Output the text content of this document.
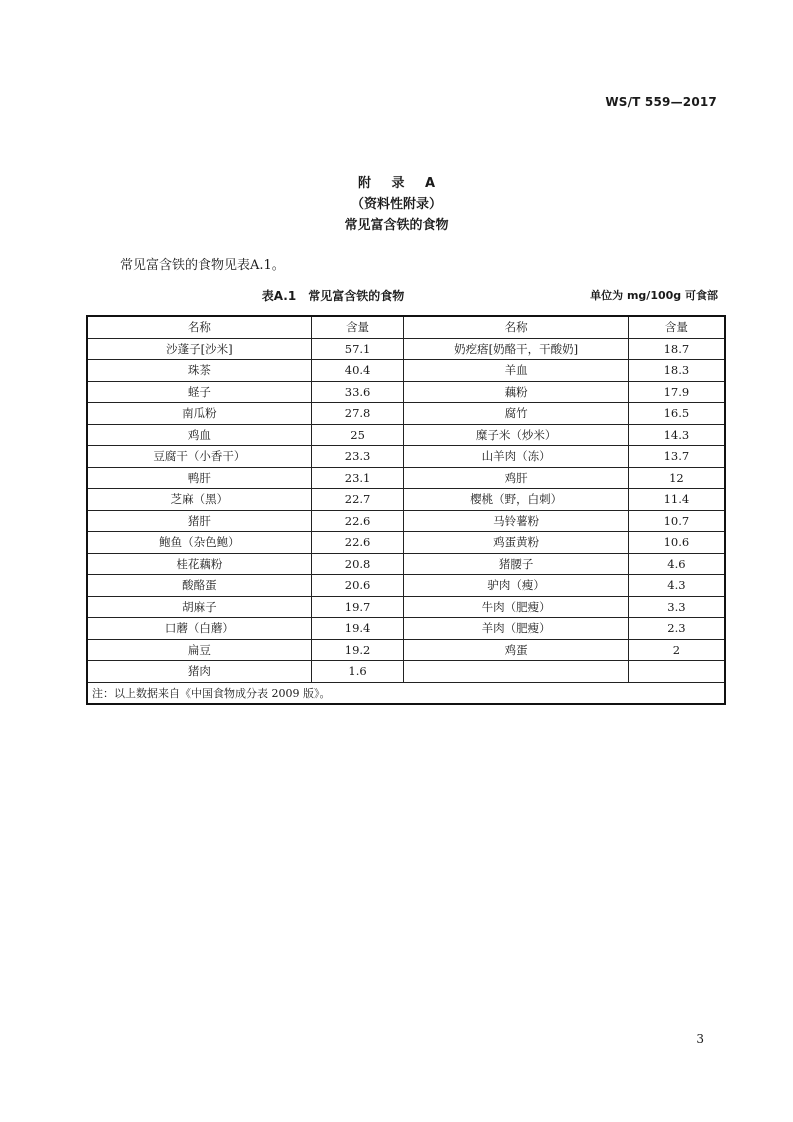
WS/T 559—2017
附 录 A
（资料性附录）
常见富含铁的食物
常见富含铁的食物见表A.1。
表A.1　常见富含铁的食物	单位为 mg/100g 可食部
名称	含量	名称	含量
沙蓬子[沙米]	57.1	奶疙瘩[奶酪干，干酸奶]	18.7
珠茶	40.4	羊血	18.3
蛏子	33.6	藕粉	17.9
南瓜粉	27.8	腐竹	16.5
鸡血	25	糜子米（炒米）	14.3
豆腐干（小香干）	23.3	山羊肉（冻）	13.7
鸭肝	23.1	鸡肝	12
芝麻（黑）	22.7	樱桃（野，白刺）	11.4
猪肝	22.6	马铃薯粉	10.7
鲍鱼（杂色鲍）	22.6	鸡蛋黄粉	10.6
桂花藕粉	20.8	猪腰子	4.6
酸酪蛋	20.6	驴肉（瘦）	4.3
胡麻子	19.7	牛肉（肥瘦）	3.3
口蘑（白蘑）	19.4	羊肉（肥瘦）	2.3
扁豆	19.2	鸡蛋	2
猪肉	1.6		
注：以上数据来自《中国食物成分表 2009 版》。			
3
